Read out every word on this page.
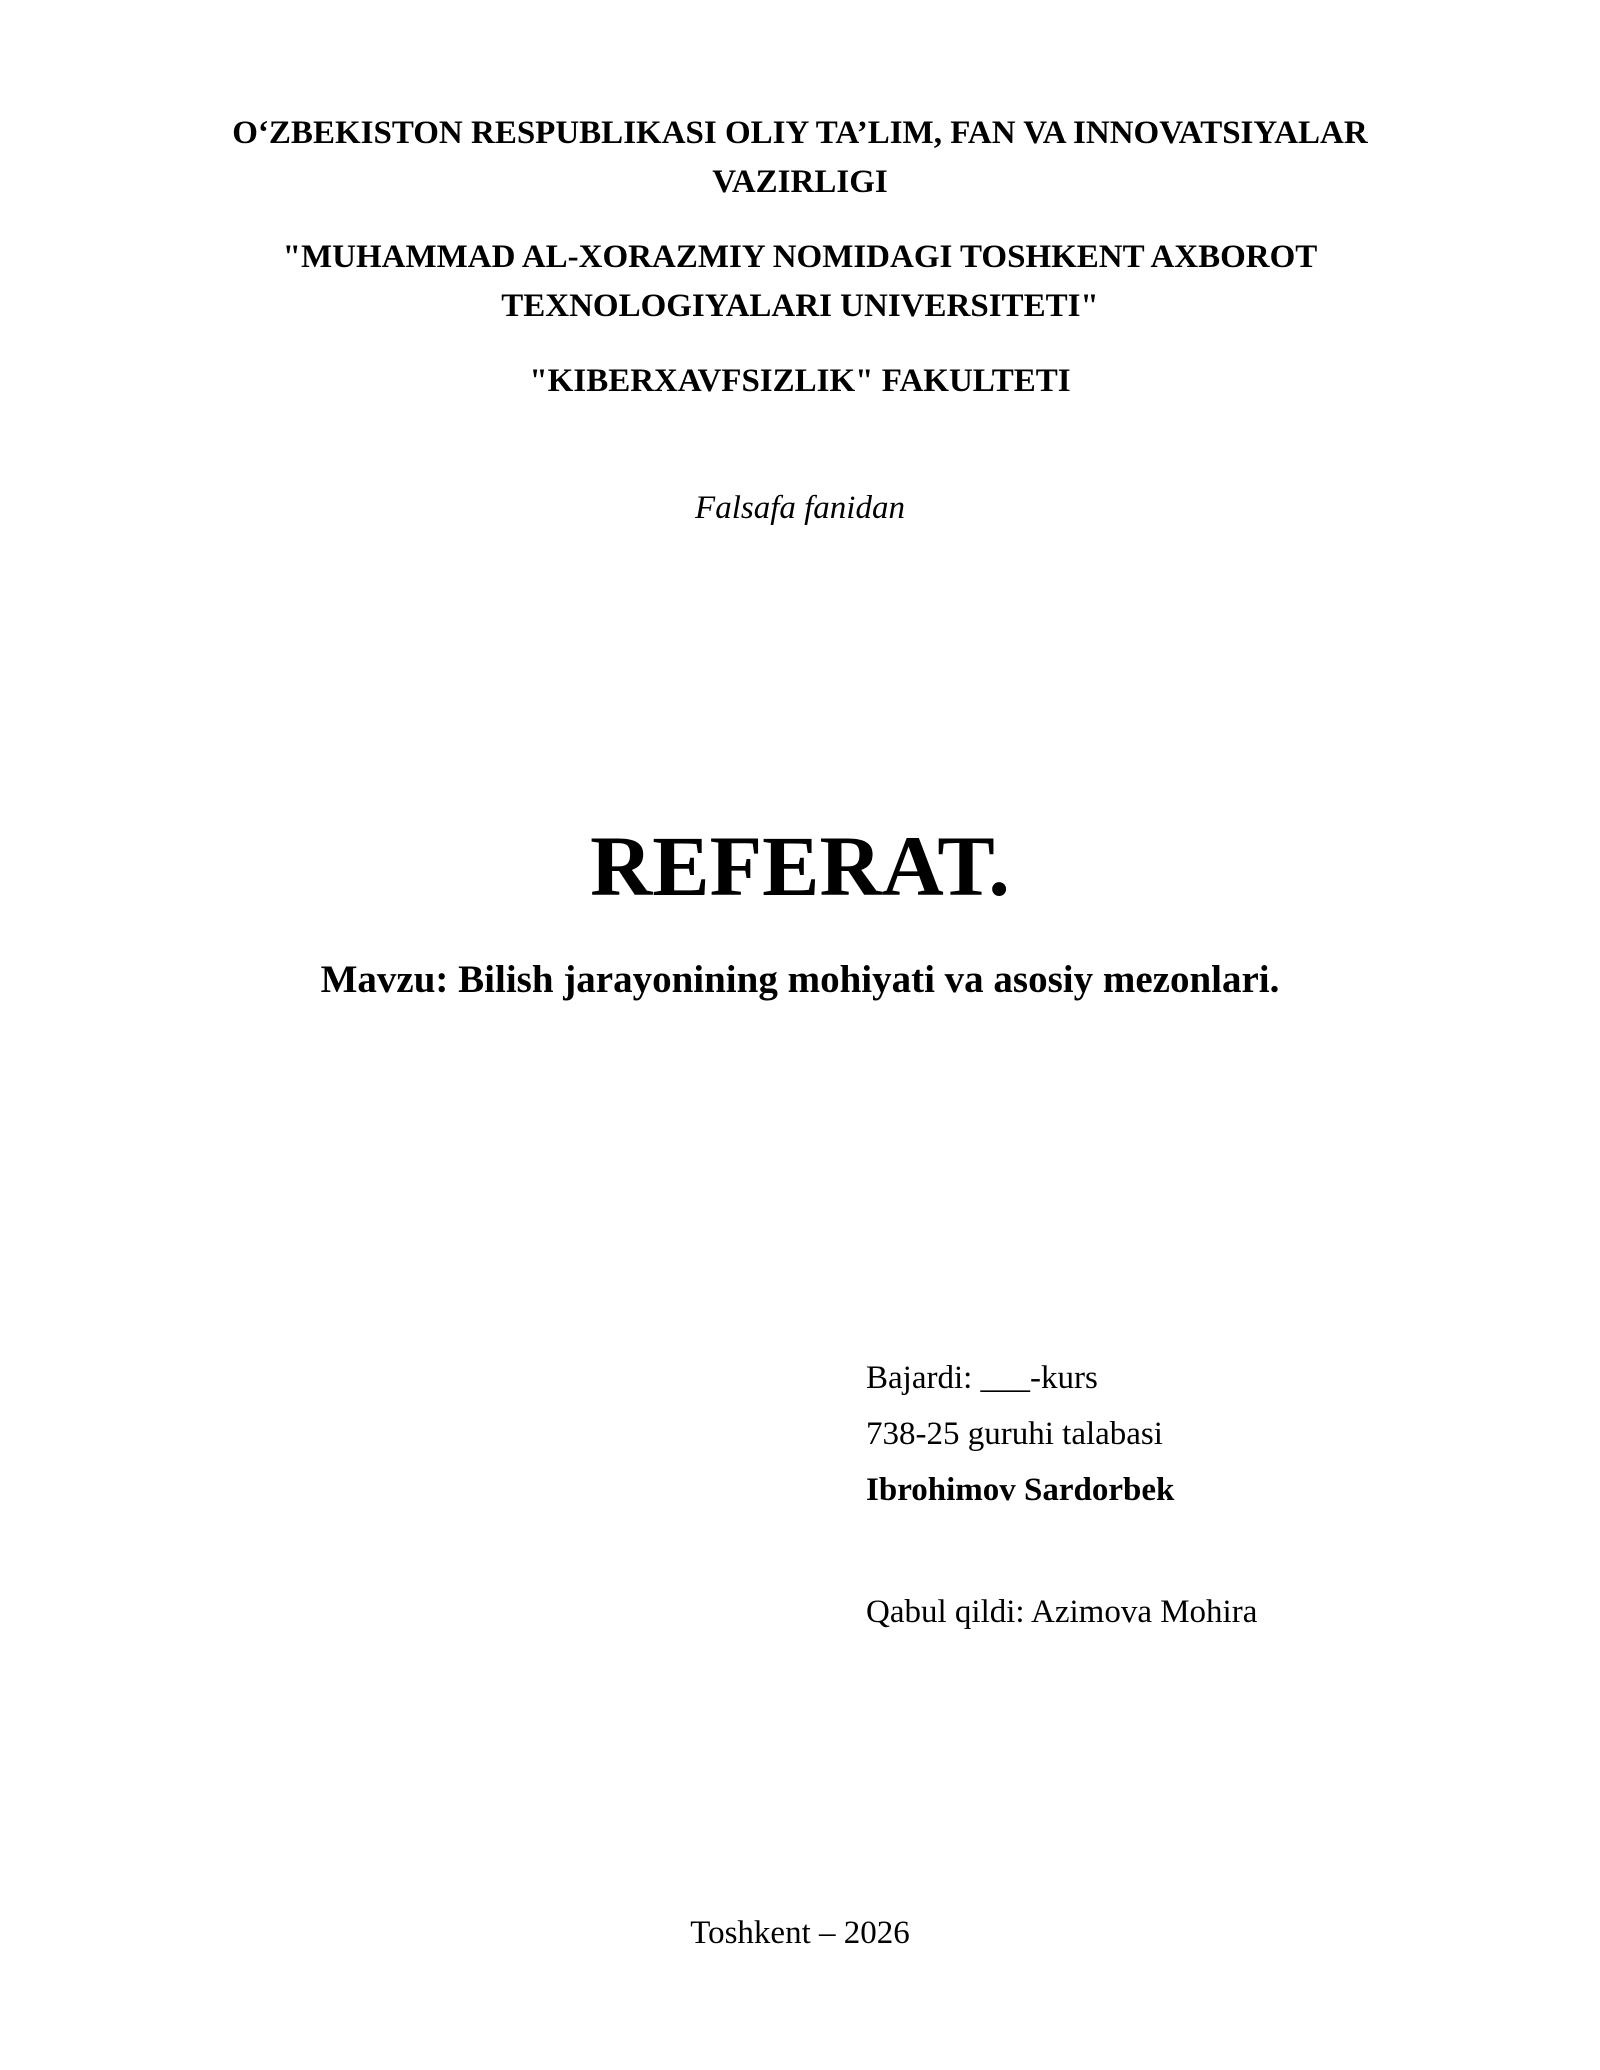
O‘ZBEKISTON RESPUBLIKASI OLIY TA’LIM, FAN VA INNOVATSIYALAR
VAZIRLIGI
"MUHAMMAD AL-XORAZMIY NOMIDAGI TOSHKENT AXBOROT
TEXNOLOGIYALARI UNIVERSITETI"
"KIBERXAVFSIZLIK" FAKULTETI
Falsafa fanidan
REFERAT.
Mavzu: Bilish jarayonining mohiyati va asosiy mezonlari.
Bajardi: ___-kurs
738-25 guruhi talabasi
Ibrohimov Sardorbek
Qabul qildi: Azimova Mohira
Toshkent – 2026
